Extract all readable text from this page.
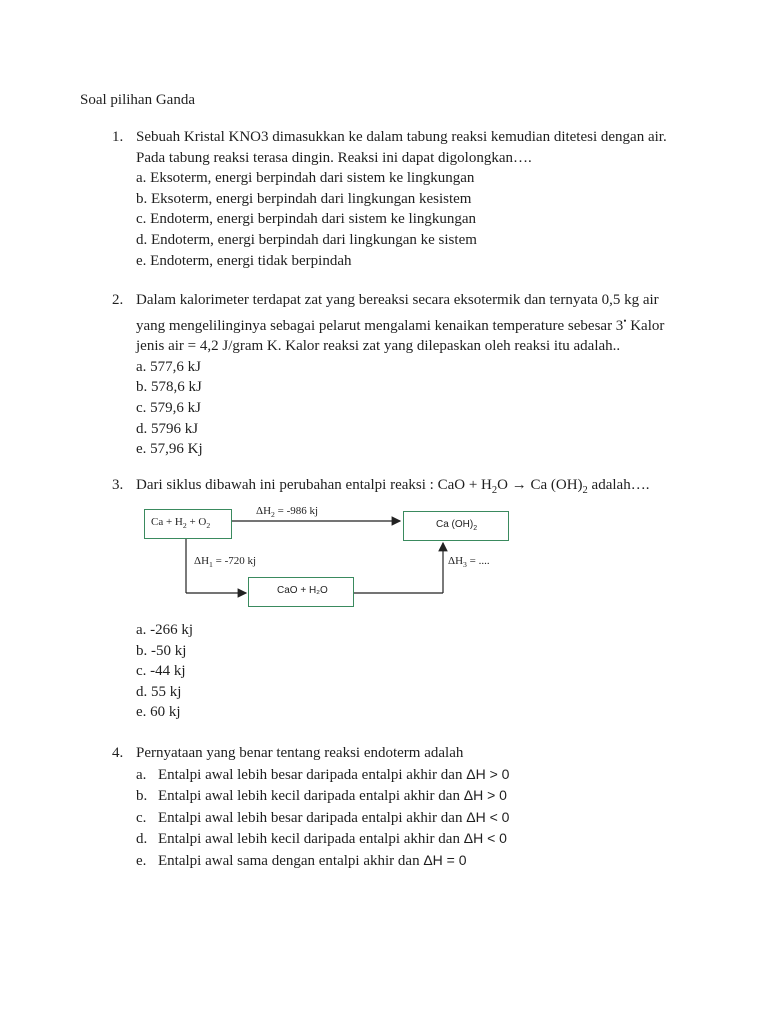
Soal pilihan Ganda
1. Sebuah Kristal KNO3 dimasukkan ke dalam tabung reaksi kemudian ditetesi dengan air. Pada tabung reaksi terasa dingin. Reaksi ini dapat digolongkan….
a. Eksoterm, energi berpindah dari sistem ke lingkungan
b. Eksoterm, energi berpindah dari lingkungan kesistem
c. Endoterm, energi berpindah dari sistem ke lingkungan
d. Endoterm, energi berpindah dari lingkungan ke sistem
e. Endoterm, energi tidak berpindah
2. Dalam kalorimeter terdapat zat yang bereaksi secara eksotermik dan ternyata 0,5 kg air yang mengelilinginya sebagai pelarut mengalami kenaikan temperature sebesar 3• Kalor jenis air = 4,2 J/gram K. Kalor reaksi zat yang dilepaskan oleh reaksi itu adalah..
a. 577,6 kJ
b. 578,6 kJ
c. 579,6 kJ
d. 5796 kJ
e. 57,96 Kj
3. Dari siklus dibawah ini perubahan entalpi reaksi : CaO + $H_2O \to Ca$ $(OH)_2$ adalah….
$Ca + H_2 + O_2$	Ca $(OH)_2$
CaO + H₂O
$\Delta H_2 = -986$ kj
$\Delta H_1 = -720$ kj	$\Delta H_3$ = ....
a. -266 kj
b. -50 kj
c. -44 kj
d. 55 kj
e. 60 kj
4. Pernyataan yang benar tentang reaksi endoterm adalah
a. Entalpi awal lebih besar daripada entalpi akhir dan ΔH > 0
b. Entalpi awal lebih kecil daripada entalpi akhir dan ΔH > 0
c. Entalpi awal lebih besar daripada entalpi akhir dan ΔH < 0
d. Entalpi awal lebih kecil daripada entalpi akhir dan ΔH < 0
e. Entalpi awal sama dengan entalpi akhir dan ΔH = 0
